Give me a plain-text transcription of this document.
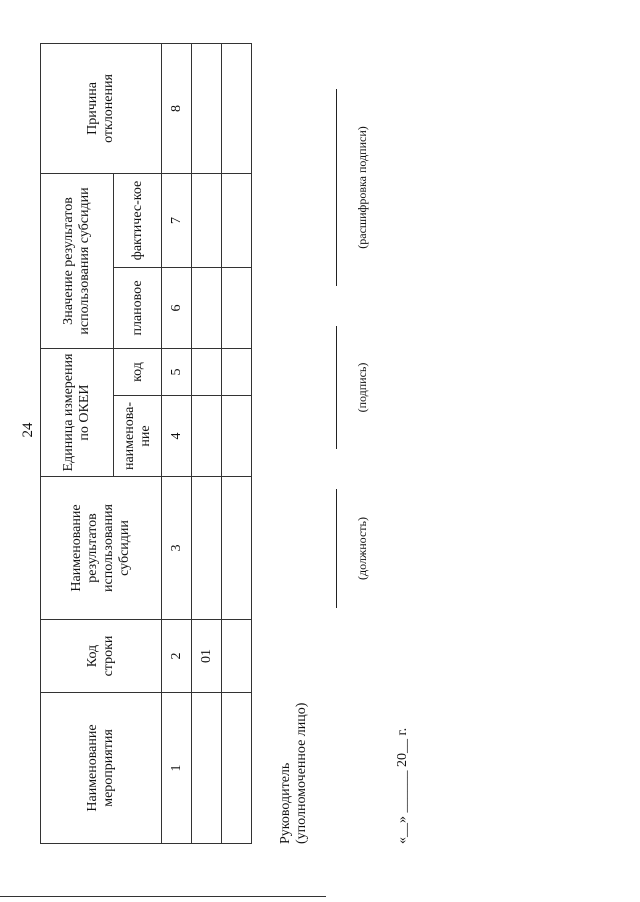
24
Наименование мероприятия	Код строки	Наименование результатов использования субсидии	Единица измерения по ОКЕИ		Значение результатов использования субсидии		Причина отклонения
			наименова-ние	код	плановое	фактичес-кое	
1	2	3	4	5	6	7	8
	01						

Руководитель (уполномоченное лицо)
(должность)
(подпись)
(расшифровка подписи)
«__» ______ 20__ г.
